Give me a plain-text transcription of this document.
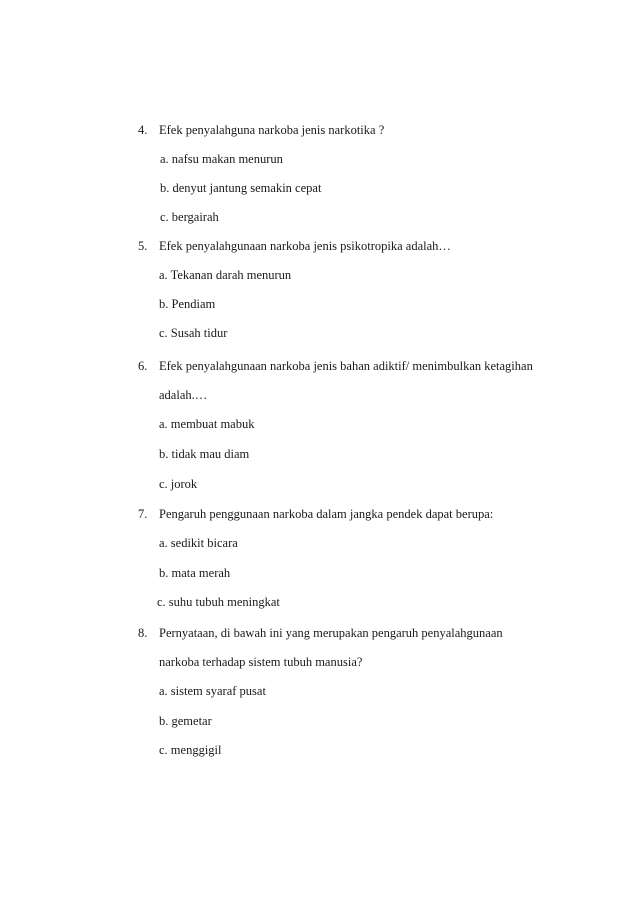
4. Efek penyalahguna narkoba jenis narkotika ?
a. nafsu makan menurun
b. denyut jantung semakin cepat
c. bergairah
5. Efek penyalahgunaan narkoba jenis psikotropika adalah…
a. Tekanan darah menurun
b. Pendiam
c. Susah tidur
6. Efek penyalahgunaan narkoba jenis bahan adiktif/ menimbulkan ketagihan
adalah.…
a. membuat mabuk
b. tidak mau diam
c. jorok
7. Pengaruh penggunaan narkoba dalam jangka pendek dapat berupa:
a. sedikit bicara
b. mata merah
c. suhu tubuh meningkat
8. Pernyataan, di bawah ini yang merupakan pengaruh penyalahgunaan
narkoba terhadap sistem tubuh manusia?
a. sistem syaraf pusat
b. gemetar
c. menggigil
